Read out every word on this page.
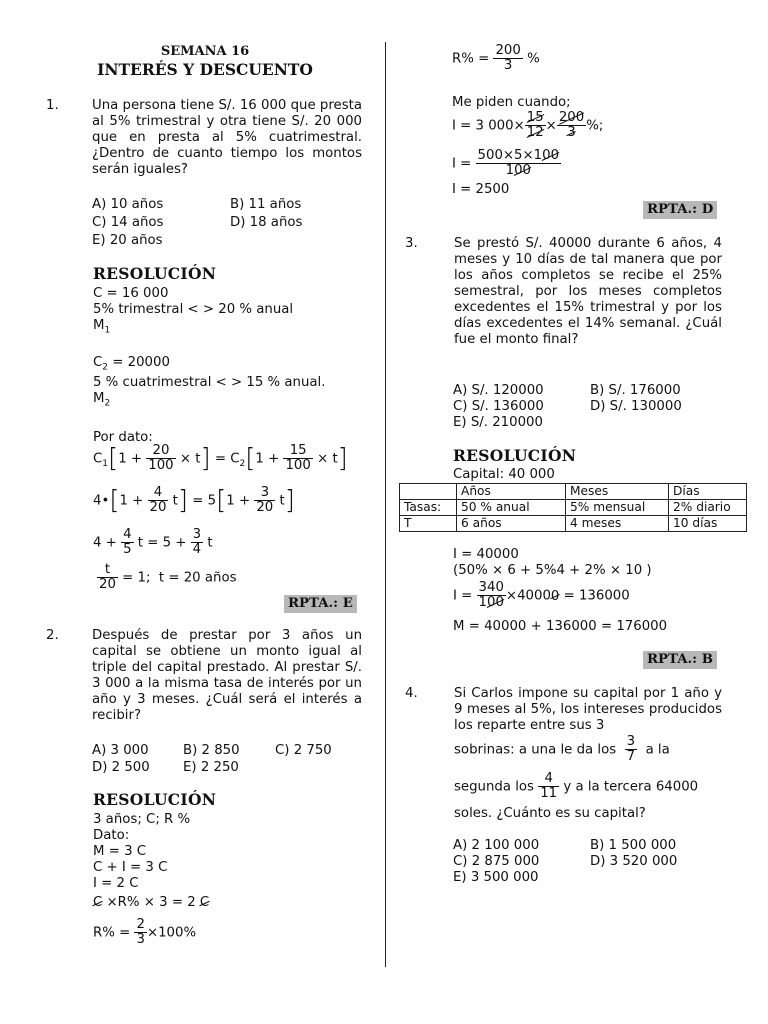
SEMANA 16
INTERÉS Y DESCUENTO
1.	Una persona tiene S/. 16 000 que presta al 5% trimestral y otra tiene S/. 20 000 que en presta al 5% cuatrimestral. ¿Dentro de cuanto tiempo los montos serán iguales?
A) 10 años	B) 11 años
C) 14 años	D) 18 años
E) 20 años
RESOLUCIÓN
C = 16 000
5% trimestral < > 20 % anual
$M_1$
$C_2 = 20000$
5 % cuatrimestral < > 15 % anual.
$M_2$
Por dato:
$C_1[1 + \frac{20}{100} \times t] = C_2[1 + \frac{15}{100} \times t]$
4•[1 + $\frac{4}{20} t] = 5[1 + \frac{3}{20} t]$
$4 + \frac{4}{5}$ $t = 5 + \frac{3}{4}$ t
$\frac{t}{20} = 1$;  t = 20 años
RPTA.: E
2.	Después de prestar por 3 años un capital se obtiene un monto igual al triple del capital prestado. Al prestar S/. 3 000 a la misma tasa de interés por un año y 3 meses. ¿Cuál será el interés a recibir?
A) 3 000	B) 2 850	C) 2 750
D) 2 500	E) 2 250
RESOLUCIÓN
3 años; C; R %
Dato:
M = 3 C
C + I = 3 C
I = 2 C
C ×R% × 3 = 2 C
$R\% = \frac{2}{3} \times 100\%$
$R\% = \frac{200}{3}$ %
Me piden cuando;
I = 3 $000\times \frac{15}{12} \times \frac{200}{3}$ %;
$I = \frac{500\times 5\times 100}{100}$
I = 2500
RPTA.: D
3.	Se prestó S/. 40000 durante 6 años, 4 meses y 10 días de tal manera que por los años completos se recibe el 25% semestral, por los meses completos excedentes el 15% trimestral y por los días excedentes el 14% semanal. ¿Cuál fue el monto final?
A) S/. 120000	B) S/. 176000
C) S/. 136000	D) S/. 130000
E) S/. 210000
RESOLUCIÓN
Capital: 40 000
	Años	Meses	Días
Tasas:	50 % anual	5% mensual	2% diario
T	6 años	4 meses	10 días
I = 40000
(50% × 6 + 5%4 + 2% × 10 )
$I = \frac{340}{100} \times 40000 = 136000$
M = 40000 + 136000 = 176000
RPTA.: B
4.	Si Carlos impone su capital por 1 año y 9 meses al 5%, los intereses producidos los reparte entre sus 3
sobrinas: a una le da los $\frac{3}{7}$ a la
segunda los $\frac{4}{11}$ y a la tercera 64000
soles. ¿Cuánto es su capital?
A) 2 100 000	B) 1 500 000
C) 2 875 000	D) 3 520 000
E) 3 500 000
